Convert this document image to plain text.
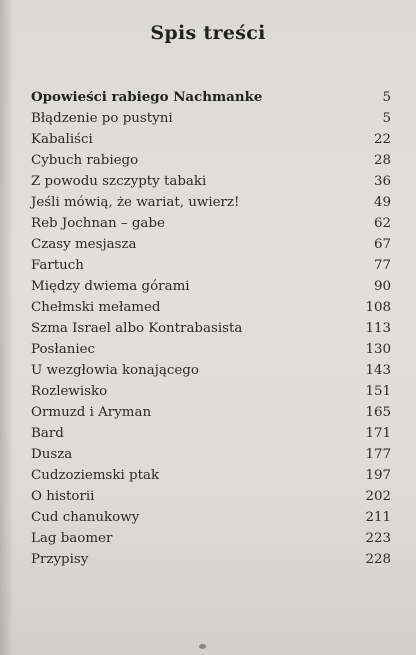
Spis treści
Opowieści rabiego Nachmanke	5
Błądzenie po pustyni	5
Kabaliści	22
Cybuch rabiego	28
Z powodu szczypty tabaki	36
Jeśli mówią, że wariat, uwierz!	49
Reb Jochnan – gabe	62
Czasy mesjasza	67
Fartuch	77
Między dwiema górami	90
Chełmski mełamed	108
Szma Israel albo Kontrabasista	113
Posłaniec	130
U wezgłowia konającego	143
Rozlewisko	151
Ormuzd i Aryman	165
Bard	171
Dusza	177
Cudzoziemski ptak	197
O historii	202
Cud chanukowy	211
Lag baomer	223
Przypisy	228
